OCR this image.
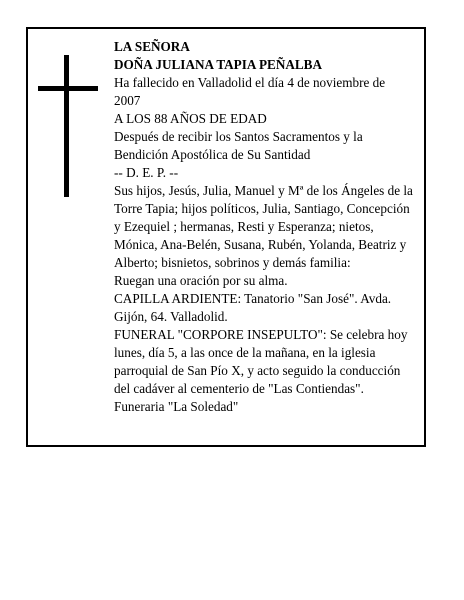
LA SEÑORA

DOÑA JULIANA TAPIA PEÑALBA

Ha fallecido en Valladolid el día 4 de noviembre de 2007

A LOS 88 AÑOS DE EDAD

Después de recibir los Santos Sacramentos y la Bendición Apostólica de Su Santidad

-- D. E. P. --

Sus hijos, Jesús, Julia, Manuel y Mª de los Ángeles de la Torre Tapia; hijos políticos, Julia, Santiago, Concepción y Ezequiel ; hermanas, Resti y Esperanza; nietos, Mónica, Ana-Belén, Susana, Rubén, Yolanda, Beatriz y Alberto; bisnietos, sobrinos y demás familia:

Ruegan una oración por su alma.

CAPILLA ARDIENTE: Tanatorio "San José". Avda. Gijón, 64. Valladolid.

FUNERAL "CORPORE INSEPULTO": Se celebra hoy lunes, día 5, a las once de la mañana, en la iglesia parroquial de San Pío X, y acto seguido la conducción del cadáver al cementerio de "Las Contiendas".

Funeraria "La Soledad"
